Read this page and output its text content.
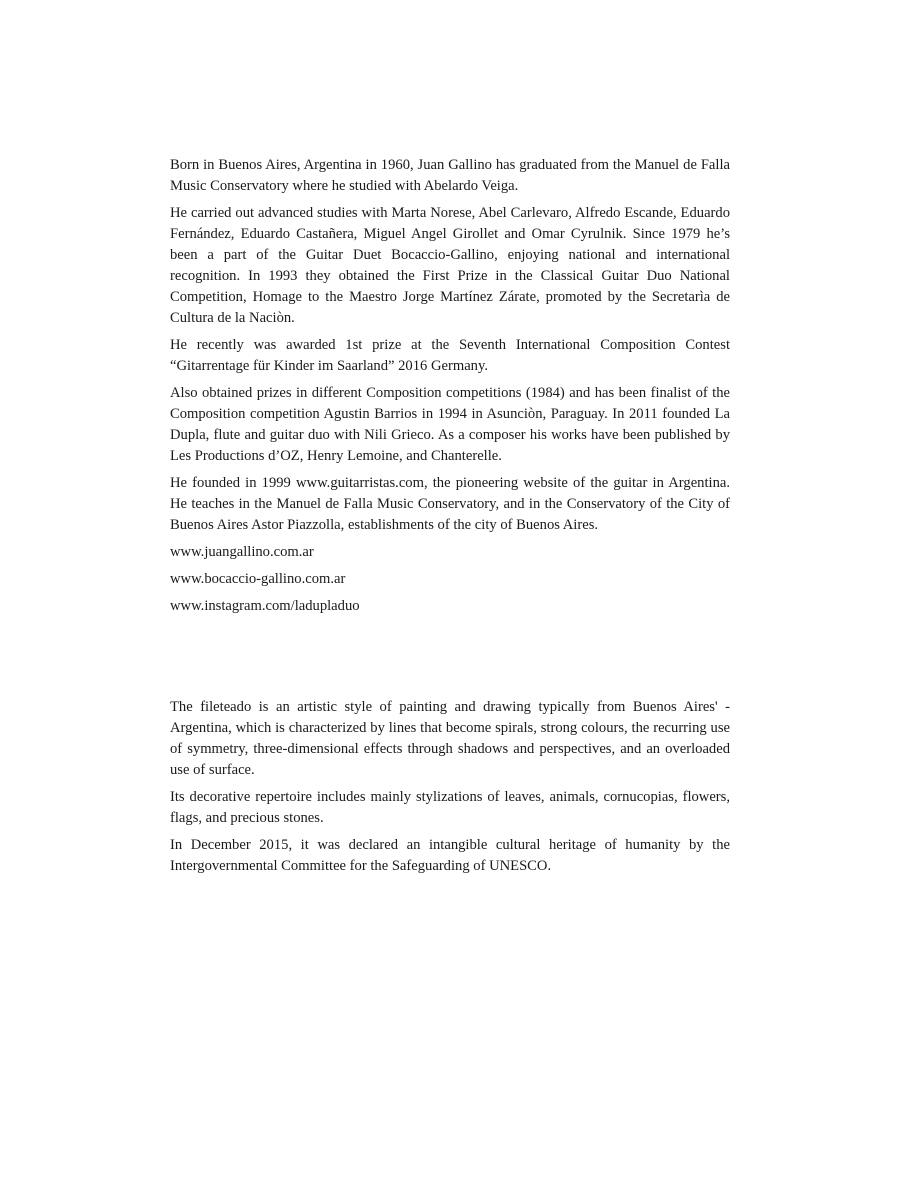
Born in Buenos Aires, Argentina in 1960, Juan Gallino has graduated from the Manuel de Falla Music Conservatory where he studied with Abelardo Veiga.

He carried out advanced studies with Marta Norese, Abel Carlevaro, Alfredo Escande, Eduardo Fernández, Eduardo Castañera, Miguel Angel Girollet and Omar Cyrulnik. Since 1979 he’s been a part of the Guitar Duet Bocaccio-Gallino, enjoying national and international recognition. In 1993 they obtained the First Prize in the Classical Guitar Duo National Competition, Homage to the Maestro Jorge Martínez Zárate, promoted by the Secretarìa de Cultura de la Naciòn.

He recently was awarded 1st prize at the Seventh International Composition Contest “Gitarrentage für Kinder im Saarland” 2016 Germany.

Also obtained prizes in different Composition competitions (1984) and has been finalist of the Composition competition Agustin Barrios in 1994 in Asunciòn, Paraguay. In 2011 founded La Dupla, flute and guitar duo with Nili Grieco. As a composer his works have been published by Les Productions d’OZ, Henry Lemoine, and Chanterelle.

He founded in 1999 www.guitarristas.com, the pioneering website of the guitar in Argentina. He teaches in the Manuel de Falla Music Conservatory, and in the Conservatory of the City of Buenos Aires Astor Piazzolla, establishments of the city of Buenos Aires.

www.juangallino.com.ar

www.bocaccio-gallino.com.ar

www.instagram.com/ladupladuo

The fileteado is an artistic style of painting and drawing typically from Buenos Aires' -Argentina, which is characterized by lines that become spirals, strong colours, the recurring use of symmetry, three-dimensional effects through shadows and perspectives, and an overloaded use of surface.

Its decorative repertoire includes mainly stylizations of leaves, animals, cornucopias, flowers, flags, and precious stones.

In December 2015, it was declared an intangible cultural heritage of humanity by the Intergovernmental Committee for the Safeguarding of UNESCO.
